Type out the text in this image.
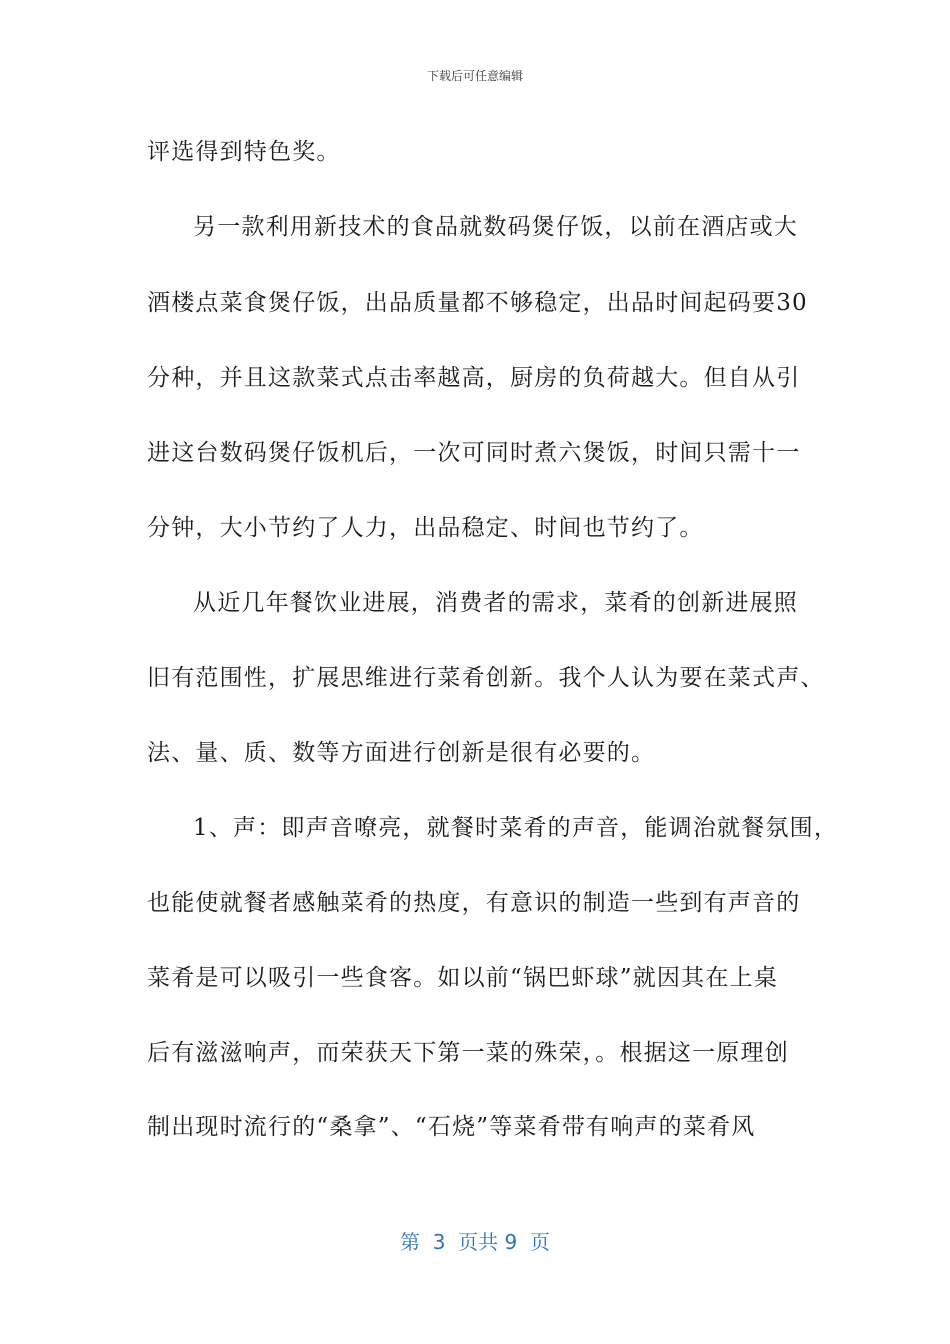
下载后可任意编辑
评选得到特色奖。
另一款利用新技术的食品就数码煲仔饭，以前在酒店或大
酒楼点菜食煲仔饭，出品质量都不够稳定，出品时间起码要30
分种，并且这款菜式点击率越高，厨房的负荷越大。但自从引
进这台数码煲仔饭机后，一次可同时煮六煲饭，时间只需十一
分钟，大小节约了人力，出品稳定、时间也节约了。
从近几年餐饮业进展，消费者的需求，菜肴的创新进展照
旧有范围性，扩展思维进行菜肴创新。我个人认为要在菜式声、
法、量、质、数等方面进行创新是很有必要的。
1、声：即声音嘹亮，就餐时菜肴的声音，能调治就餐氛围，
也能使就餐者感触菜肴的热度，有意识的制造一些到有声音的
菜肴是可以吸引一些食客。如以前“锅巴虾球”就因其在上桌
后有滋滋响声，而荣获天下第一菜的殊荣，。根据这一原理创
制出现时流行的“桑拿”、“石烧”等菜肴带有响声的菜肴风
第  3  页共 9  页
